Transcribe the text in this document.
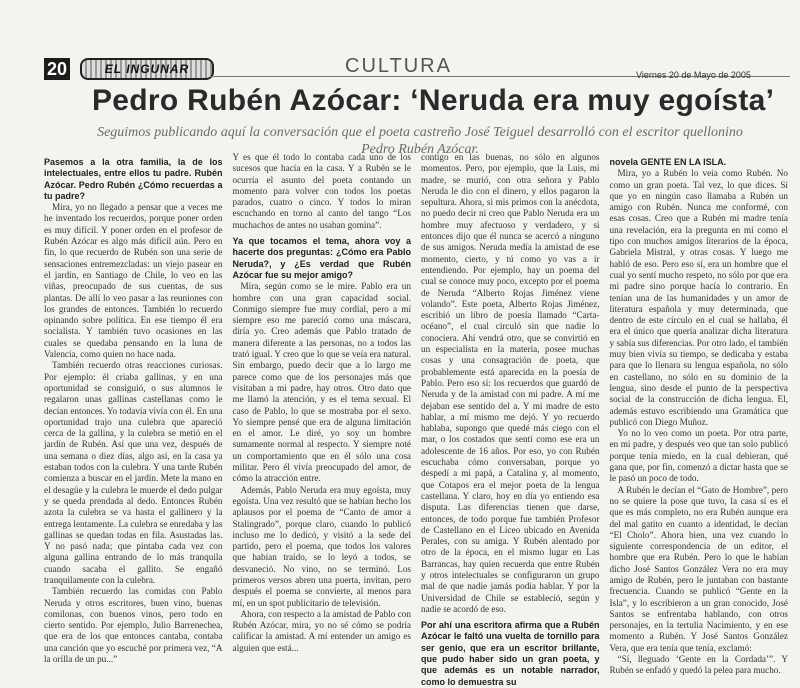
20	EL INGUNAR	CULTURA	Viernes 20 de Mayo de 2005
Pedro Rubén Azócar: ‘Neruda era muy egoísta’
Seguimos publicando aquí la conversación que el poeta castreño José Teiguel desarrolló con el escritor quellonino
Pedro Rubén Azócar.

Pasemos a la otra familia, la de los intelectuales, entre ellos tu padre. Rubén Azócar. Pedro Rubén ¿Cómo recuerdas a tu padre?

Mira, yo no llegado a pensar que a veces me he inventado los recuerdos, porque poner orden es muy difícil. Y poner orden en el profesor de Rubén Azócar es algo más difícil aún. Pero en fin, lo que recuerdo de Rubén son una serie de sensaciones entremezcladas: un viejo pasear en el jardín, en Santiago de Chile, lo veo en las viñas, preocupado de sus cuentas, de sus plantas. De allí lo veo pasar a las reuniones con los grandes de entonces. También lo recuerdo opinando sobre política. En ese tiempo él era socialista. Y también tuvo ocasiones en las cuales se quedaba pensando en la luna de Valencia, como quien no hace nada.

También recuerdo otras reacciones curiosas. Por ejemplo: él criaba gallinas, y en una oportunidad se consiguió, o sus alumnos le regalaron unas gallinas castellanas como le decían entonces. Yo todavía vivía con él. En una oportunidad trajo una culebra que apareció cerca de la gallina, y la culebra se metió en el jardín de Rubén. Así que una vez, después de una semana o diez días, algo así, en la casa ya estaban todos con la culebra. Y una tarde Rubén comienza a buscar en el jardín. Mete la mano en el desagüe y la culebra le muerde el dedo pulgar y se queda prendada al dedo. Entonces Rubén azota la culebra se va hasta el gallinero y la entrega lentamente. La culebra se enredaba y las gallinas se quedan todas en fila. Asustadas las. Y no pasó nada; que pintaba cada vez con alguna gallina entrando de lo más tranquila cuando sacaba el gallito. Se engañó tranquilamente con la culebra.

También recuerdo las comidas con Pablo Neruda y otros escritores, buen vino, buenas comilonas, con buenos vinos, pero todo en cierto sentido. Por ejemplo, Julio Barrenechea, que era de los que entonces cantaba, contaba una canción que yo escuché por primera vez, “A la orilla de un pu...”

Y es que él todo lo contaba cada uno de los sucesos que hacía en la casa. Y a Rubén se le ocurría el asunto del poeta contando un momento para volver con todos los poetas parados, cuatro o cinco. Y todos lo miran escuchando en torno al canto del tango “Los muchachos de antes no usaban gomina”.

Ya que tocamos el tema, ahora voy a hacerte dos preguntas: ¿Cómo era Pablo Neruda?, y ¿Es verdad que Rubén Azócar fue su mejor amigo?

Mira, según como se le mire. Pablo era un hombre con una gran capacidad social. Conmigo siempre fue muy cordial, pero a mí siempre eso me pareció como una máscara, diría yo. Creo además que Pablo tratado de manera diferente a las personas, no a todos las trató igual. Y creo que lo que se veía era natural. Sin embargo, puedo decir que a lo largo me parece como que de los personajes más que visitaban a mi padre, hay otros. Otro dato que me llamó la atención, y es el tema sexual. El caso de Pablo, lo que se mostraba por el sexo. Yo siempre pensé que era de alguna limitación en el amor. Le diré, yo soy un hombre sumamente normal al respecto. Y siempre noté un comportamiento que en él sólo una cosa militar. Pero él vivía preocupado del amor, de cómo la atracción entre.

Además, Pablo Neruda era muy egoísta, muy egoísta. Una vez resultó que se habían hecho los aplausos por el poema de “Canto de amor a Stalingrado”, porque claro, cuando lo publicó incluso me lo dedicó, y visitó a la sede del partido, pero el poema, que todos los valores que habían traído, se lo leyó a todos, se desvaneció. No vino, no se terminó. Los primeros versos abren una puerta, invitan, pero después el poema se convierte, al menos para mí, en un spot publicitario de televisión.

Ahora, con respecto a la amistad de Pablo con Rubén Azócar, mira, yo no sé cómo se podría calificar la amistad. A mí entender un amigo es alguien que está...

contigo en las buenas, no sólo en algunos momentos. Pero, por ejemplo, que la Luis, mi madre, se murió, con otra señora y Pablo Neruda le dio con el dinero, y ellos pagaron la sepultura. Ahora, si mis primos con la anécdota, no puedo decir ni creo que Pablo Neruda era un hombre muy afectuoso y verdadero, y si entonces dijo que él nunca se acercó a ninguno de sus amigos. Neruda medía la amistad de ese momento, cierto, y tú como yo vas a ir entendiendo. Por ejemplo, hay un poema del cual se conoce muy poco, excepto por el poema de Neruda “Alberto Rojas Jiménez viene volando”. Este poeta, Alberto Rojas Jiménez, escribió un libro de poesía llamado “Carta-océano”, el cual circuló sin que nadie lo conociera. Ahí vendrá otro, que se convirtió en un especialista en la materia, posee muchas cosas y una consagración de poeta, que probablemente está aparecida en la poesía de Pablo. Pero eso sí: los recuerdos que guardó de Neruda y de la amistad con mi padre. A mí me dejaban ese sentido del a. Y mi madre de esto hablar, a mí mismo me dejó. Y yo recuerdo hablaba, supongo que quedé más ciego con el mar, o los costados que sentí como ese era un adolescente de 16 años. Por eso, yo con Rubén escuchaba cómo conversaban, porque yo despedí a mi papá, a Catalina y, al momento, que Cotapos era el mejor poeta de la lengua castellana. Y claro, hoy en día yo entiendo esa disputa. Las diferencias tienen que darse, entonces, de todo porque fue también Profesor de Castellano en el Liceo ubicado en Avenida Perales, con su amiga. Y Rubén alentado por otro de la época, en el mismo lugar en Las Barrancas, hay quien recuerda que entre Rubén y otros intelectuales se configuraron un grupo mal de que nadie jamás podía hablar. Y por la Universidad de Chile se estableció, según y nadie se acordó de eso.

Por ahí una escritora afirma que a Rubén Azócar le faltó una vuelta de tornillo para ser genio, que era un escritor brillante, que pudo haber sido un gran poeta, y que además es un notable narrador, como lo demuestra su

novela GENTE EN LA ISLA.

Mira, yo a Rubén lo veía como Rubén. No como un gran poeta. Tal vez, lo que dices. Sí que yo en ningún caso llamaba a Rubén un amigo con Rubén. Nunca me conformé, con esas cosas. Creo que a Rubén mi madre tenía una revelación, era la pregunta en mi como el tipo con muchos amigos literarios de la época, Gabriela Mistral, y otras cosas. Y luego me habló de eso. Pero eso sí, era un hombre que el cual yo sentí mucho respeto, no sólo por que era mi padre sino porque hacía lo contrario. En tenían una de las humanidades y un amor de literatura española y muy determinada, que dentro de este círculo en el cual se hallaba, él era el único que quería analizar dicha literatura y sabía sus diferencias. Por otro lado, el también muy bien vivía su tiempo, se dedicaba y estaba para que lo llenara su lengua española, no sólo en castellano, no sólo en su dominio de la lengua, sino desde el punto de la perspectiva social de la construcción de dicha lengua. El, además estuvo escribiendo una Gramática que publicó con Diego Muñoz.

Yo no lo veo como un poeta. Por otra parte, en mi padre, y después veo que tan solo publicó porque tenía miedo, en la cual debieran, qué gana que, por fin, comenzó a dictar hasta que se le pasó un poco de todo.

A Rubén le decían el “Gato de Hombre”, pero no se quiere la pose que tuvo, la casa sí es el que es más completo, no era Rubén aunque era del mal gatito en cuanto a identidad, le decían “El Cholo”. Ahora bien, una vez cuando lo siguiente correspondencia de un editor, el hombre que era Rubén. Pero lo que le habían dicho José Santos González Vera no era muy amigo de Rubén, pero le juntaban con bastante frecuencia. Cuando se publicó “Gente en la Isla”, y lo escribieron a un gran conocido, José Santos se enfrentaba hablando, con otros personajes, en la tertulia Nacimiento, y en ese momento a Rubén. Y José Santos González Vera, que era tenía que tenía, exclamó:

“Sí, lleguado ‘Gente en la Cordada’”. Y Rubén se enfadó y quedó la pelea para mucho.
